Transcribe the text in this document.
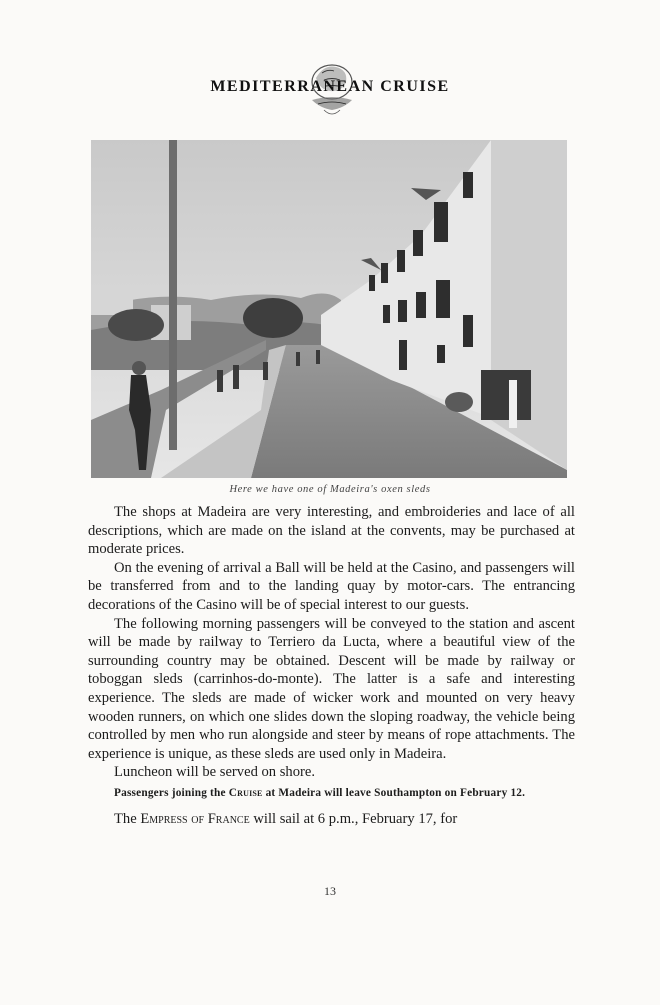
MEDITERRANEAN CRUISE
Here we have one of Madeira's oxen sleds

The shops at Madeira are very interesting, and embroideries and lace of all descriptions, which are made on the island at the convents, may be purchased at moderate prices.

On the evening of arrival a Ball will be held at the Casino, and passengers will be transferred from and to the landing quay by motor-cars. The entrancing decorations of the Casino will be of special interest to our guests.

The following morning passengers will be conveyed to the station and ascent will be made by railway to Terriero da Lucta, where a beautiful view of the surrounding country may be obtained. Descent will be made by railway or toboggan sleds (carrinhos-do-monte). The latter is a safe and interesting experience. The sleds are made of wicker work and mounted on very heavy wooden runners, on which one slides down the sloping roadway, the vehicle being controlled by men who run alongside and steer by means of rope attachments. The experience is unique, as these sleds are used only in Madeira.

Luncheon will be served on shore.

Passengers joining the Cruise at Madeira will leave Southampton on February 12.

The Empress of France will sail at 6 p.m., February 17, for

13
